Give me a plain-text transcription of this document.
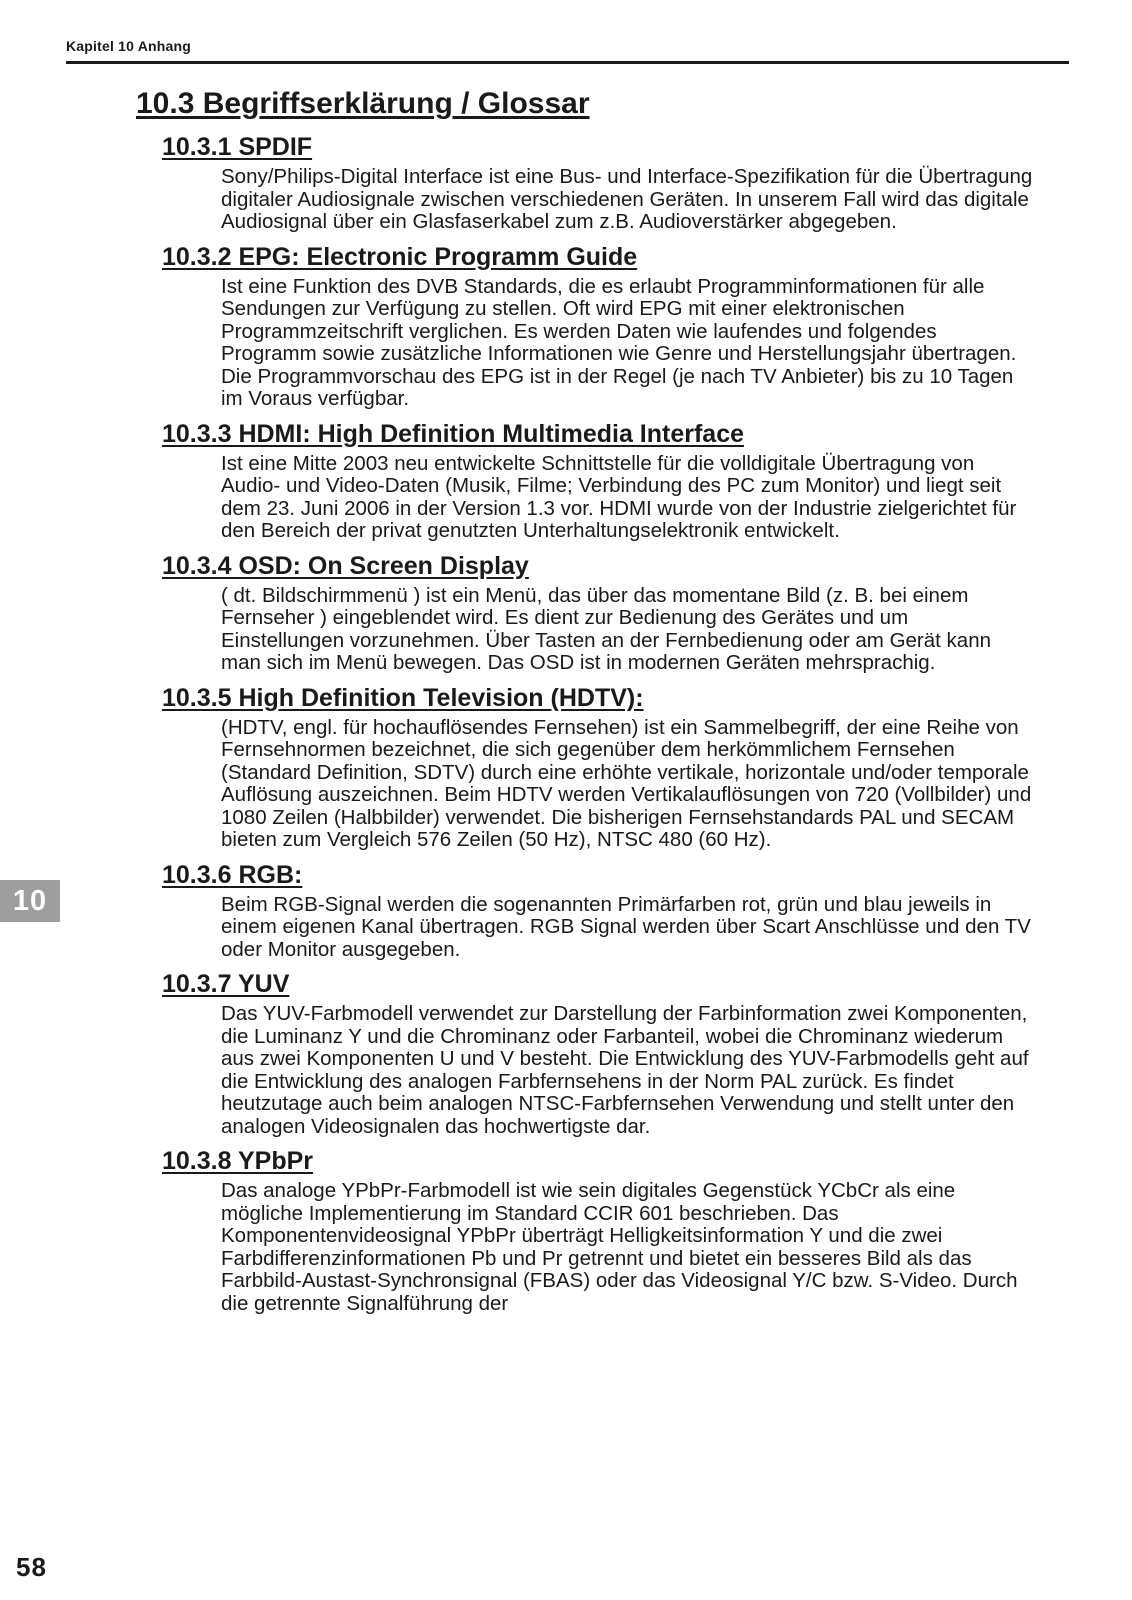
Kapitel 10 Anhang
10.3 Begriffserklärung / Glossar
10.3.1 SPDIF

Sony/Philips-Digital Interface ist eine Bus- und Interface-Spezifikation für die Übertragung digitaler Audiosignale zwischen verschiedenen Geräten. In unserem Fall wird das digitale Audiosignal über ein Glasfaserkabel zum z.B. Audioverstärker abgegeben.

10.3.2 EPG: Electronic Programm Guide

Ist eine Funktion des DVB Standards, die es erlaubt Programminformationen für alle Sendungen zur Verfügung zu stellen. Oft wird EPG mit einer elektronischen Programmzeitschrift verglichen. Es werden Daten wie laufendes und folgendes Programm sowie zusätzliche Informationen wie Genre und Herstellungsjahr übertragen. Die Programmvorschau des EPG ist in der Regel (je nach TV Anbieter) bis zu 10 Tagen im Voraus verfügbar.

10.3.3 HDMI: High Definition Multimedia Interface

Ist eine Mitte 2003 neu entwickelte Schnittstelle für die volldigitale Übertragung von Audio- und Video-Daten (Musik, Filme; Verbindung des PC zum Monitor) und liegt seit dem 23. Juni 2006 in der Version 1.3 vor. HDMI wurde von der Industrie zielgerichtet für den Bereich der privat genutzten Unterhaltungselektronik entwickelt.

10.3.4 OSD: On Screen Display

( dt. Bildschirmmenü ) ist ein Menü, das über das momentane Bild (z. B. bei einem Fernseher ) eingeblendet wird. Es dient zur Bedienung des Gerätes und um Einstellungen vorzunehmen. Über Tasten an der Fernbedienung oder am Gerät kann man sich im Menü bewegen. Das OSD ist in modernen Geräten mehrsprachig.

10.3.5 High Definition Television (HDTV):

(HDTV, engl. für hochauflösendes Fernsehen) ist ein Sammelbegriff, der eine Reihe von Fernsehnormen bezeichnet, die sich gegenüber dem herkömmlichem Fernsehen (Standard Definition, SDTV) durch eine erhöhte vertikale, horizontale und/oder temporale Auflösung auszeichnen. Beim HDTV werden Vertikalauflösungen von 720 (Vollbilder) und 1080 Zeilen (Halbbilder) verwendet. Die bisherigen Fernsehstandards PAL und SECAM bieten zum Vergleich 576 Zeilen (50 Hz), NTSC 480 (60 Hz).

10.3.6 RGB:

Beim RGB-Signal werden die sogenannten Primärfarben rot, grün und blau jeweils in einem eigenen Kanal übertragen. RGB Signal werden über Scart Anschlüsse und den TV oder Monitor ausgegeben.

10.3.7 YUV

Das YUV-Farbmodell verwendet zur Darstellung der Farbinformation zwei Komponenten, die Luminanz Y und die Chrominanz oder Farbanteil, wobei die Chrominanz wiederum aus zwei Komponenten U und V besteht. Die Entwicklung des YUV-Farbmodells geht auf die Entwicklung des analogen Farbfernsehens in der Norm PAL zurück. Es findet heutzutage auch beim analogen NTSC-Farbfernsehen Verwendung und stellt unter den analogen Videosignalen das hochwertigste dar.

10.3.8 YPbPr

Das analoge YPbPr-Farbmodell ist wie sein digitales Gegenstück YCbCr als eine mögliche Implementierung im Standard CCIR 601 beschrieben. Das Komponentenvideosignal YPbPr überträgt Helligkeitsinformation Y und die zwei Farbdifferenzinformationen Pb und Pr getrennt und bietet ein besseres Bild als das Farbbild-Austast-Synchronsignal (FBAS) oder das Videosignal Y/C bzw. S-Video. Durch die getrennte Signalführung der

10
58
